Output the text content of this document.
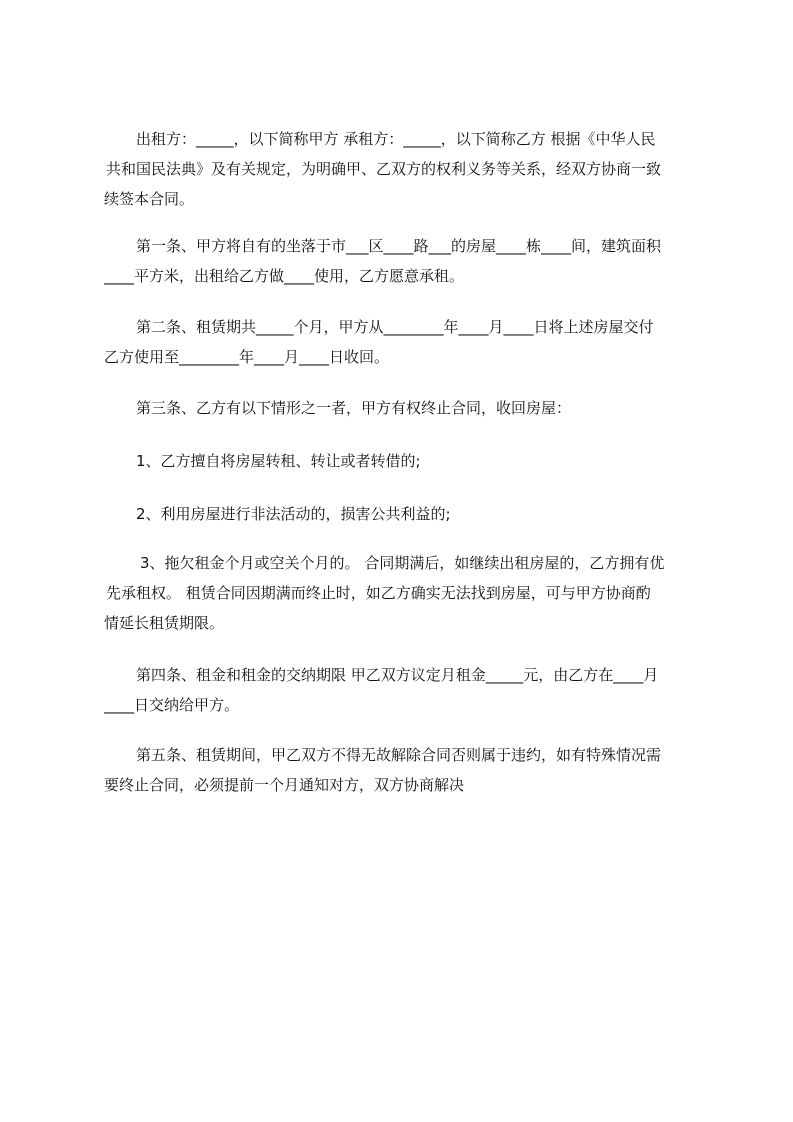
出租方：_____，以下简称甲方 承租方：_____，以下简称乙方 根据《中华人民
共和国民法典》及有关规定，为明确甲、乙双方的权利义务等关系，经双方协商一致
续签本合同。
第一条、甲方将自有的坐落于市___区____路___的房屋____栋____间，建筑面积
____平方米，出租给乙方做____使用，乙方愿意承租。
第二条、租赁期共_____个月，甲方从________年____月____日将上述房屋交付
乙方使用至________年____月____日收回。
第三条、乙方有以下情形之一者，甲方有权终止合同，收回房屋：
1、乙方擅自将房屋转租、转让或者转借的;
2、利用房屋进行非法活动的，损害公共利益的;
3、拖欠租金个月或空关个月的。 合同期满后，如继续出租房屋的，乙方拥有优
先承租权。 租赁合同因期满而终止时，如乙方确实无法找到房屋，可与甲方协商酌
情延长租赁期限。
第四条、租金和租金的交纳期限 甲乙双方议定月租金_____元，由乙方在____月
____日交纳给甲方。
第五条、租赁期间，甲乙双方不得无故解除合同否则属于违约，如有特殊情况需
要终止合同，必须提前一个月通知对方，双方协商解决
